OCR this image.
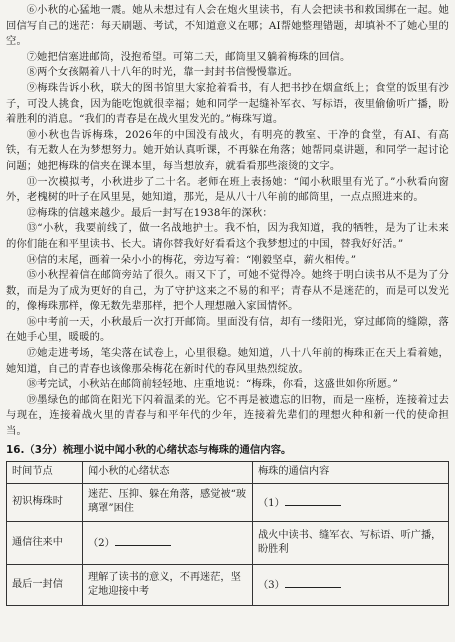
⑥小秋的心猛地一震。她从未想过有人会在炮火里读书，有人会把读书和救国绑在一起。她回信写自己的迷茫：每天刷题、考试，不知道意义在哪；AI帮她整理错题，却填补不了她心里的空。

⑦她把信塞进邮筒，没抱希望。可第二天，邮筒里又躺着梅珠的回信。

⑧两个女孩隔着八十八年的时光，靠一封封书信慢慢靠近。

⑨梅珠告诉小秋，联大的图书馆里大家抢着看书，有人把书抄在烟盒纸上；食堂的饭里有沙子，可没人挑食，因为能吃饱就很幸福；她和同学一起缝补军衣、写标语，夜里偷偷听广播，盼着胜利的消息。“我们的青春是在战火里发光的。”梅珠写道。

⑩小秋也告诉梅珠，2026年的中国没有战火，有明亮的教室、干净的食堂，有AI、有高铁，有无数人在为梦想努力。她开始认真听课，不再躲在角落；她帮同桌讲题，和同学一起讨论问题；她把梅珠的信夹在课本里，每当想放弃，就看看那些滚烫的文字。

⑪一次模拟考，小秋进步了二十名。老师在班上表扬她：“闻小秋眼里有光了。”小秋看向窗外，老槐树的叶子在风里晃，她知道，那光，是从八十八年前的邮筒里，一点点照进来的。

⑫梅珠的信越来越少。最后一封写在1938年的深秋：

⑬“小秋，我要前线了，做一名战地护士。我不怕，因为我知道，我的牺牲，是为了让未来的你们能在和平里读书、长大。请你替我好好看看这个我梦想过的中国，替我好好活。”

⑭信的末尾，画着一朵小小的梅花，旁边写着：“刚毅坚卓，薪火相传。”

⑮小秋捏着信在邮筒旁站了很久。雨又下了，可她不觉得冷。她终于明白读书从不是为了分数，而是为了成为更好的自己，为了守护这来之不易的和平；青春从不是迷茫的，而是可以发光的，像梅珠那样，像无数先辈那样，把个人理想融入家国情怀。

⑯中考前一天，小秋最后一次打开邮筒。里面没有信，却有一缕阳光，穿过邮筒的缝隙，落在她手心里，暖暖的。

⑰她走进考场，笔尖落在试卷上，心里很稳。她知道，八十八年前的梅珠正在天上看着她，她知道，自己的青春也该像那朵梅花在新时代的春风里热烈绽放。

⑱考完试，小秋站在邮筒前轻轻地、庄重地说：“梅珠，你看，这盛世如你所愿。”

⑲墨绿色的邮筒在阳光下闪着温柔的光。它不再是被遗忘的旧物，而是一座桥，连接着过去与现在，连接着战火里的青春与和平年代的少年，连接着先辈们的理想火种和新一代的使命担当。

16.（3分）梳理小说中闻小秋的心绪状态与梅珠的通信内容。
时间节点	闻小秋的心绪状态	梅珠的通信内容
初识梅珠时	迷茫、压抑、躲在角落，感觉被“玻璃罩”困住	（1）
通信往来中	（2）	战火中读书、缝军衣、写标语、听广播，盼胜利
最后一封信	理解了读书的意义，不再迷茫，坚定地迎接中考	（3）
